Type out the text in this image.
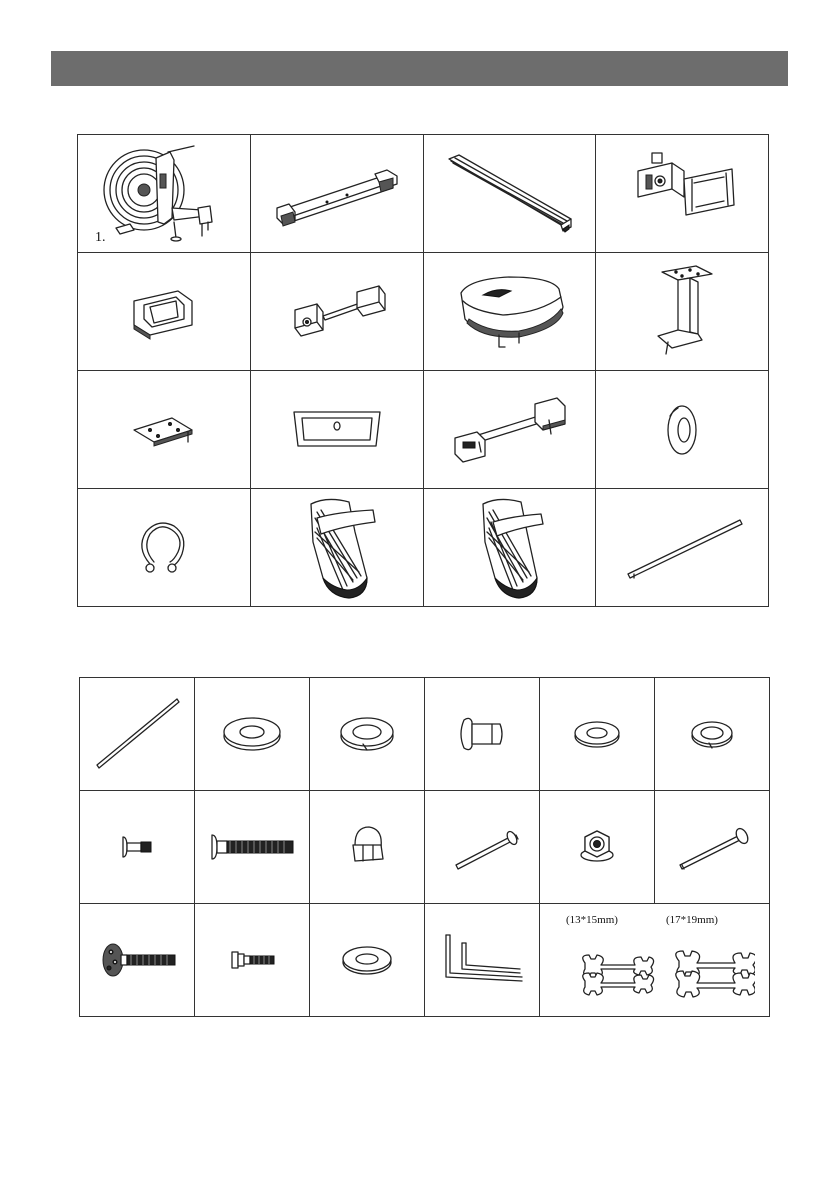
1.

(13*15mm) (17*19mm)	
